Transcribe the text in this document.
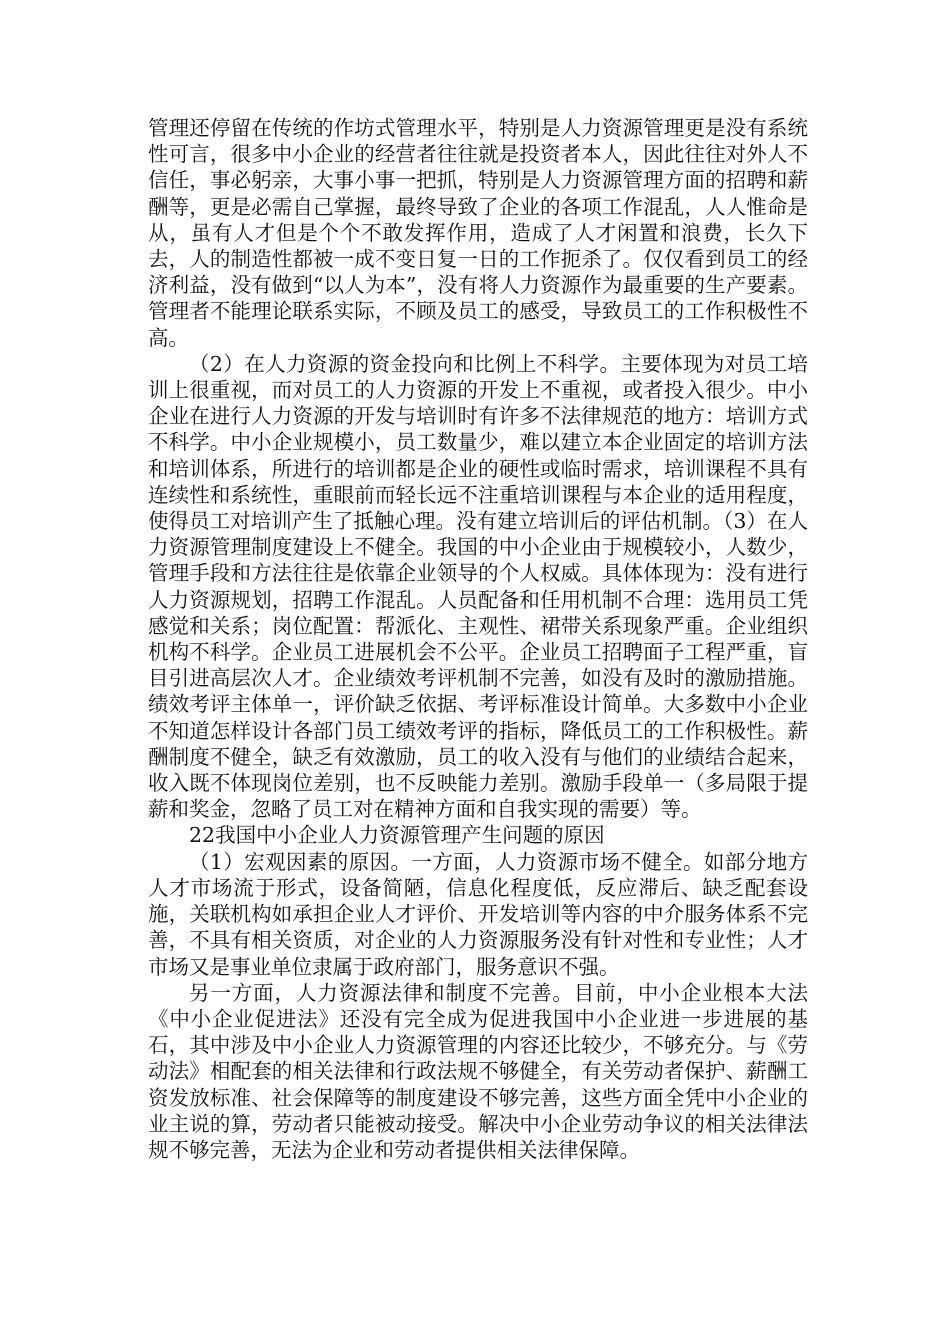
管理还停留在传统的作坊式管理水平，特别是人力资源管理更是没有系统性可言，很多中小企业的经营者往往就是投资者本人，因此往往对外人不信任，事必躬亲，大事小事一把抓，特别是人力资源管理方面的招聘和薪酬等，更是必需自己掌握，最终导致了企业的各项工作混乱，人人惟命是从，虽有人才但是个个不敢发挥作用，造成了人才闲置和浪费，长久下去，人的制造性都被一成不变日复一日的工作扼杀了。仅仅看到员工的经济利益，没有做到“以人为本”，没有将人力资源作为最重要的生产要素。管理者不能理论联系实际，不顾及员工的感受，导致员工的工作积极性不高。

（2）在人力资源的资金投向和比例上不科学。主要体现为对员工培训上很重视，而对员工的人力资源的开发上不重视，或者投入很少。中小企业在进行人力资源的开发与培训时有许多不法律规范的地方：培训方式不科学。中小企业规模小，员工数量少，难以建立本企业固定的培训方法和培训体系，所进行的培训都是企业的硬性或临时需求，培训课程不具有连续性和系统性，重眼前而轻长远不注重培训课程与本企业的适用程度，使得员工对培训产生了抵触心理。没有建立培训后的评估机制。（3）在人力资源管理制度建设上不健全。我国的中小企业由于规模较小，人数少，管理手段和方法往往是依靠企业领导的个人权威。具体体现为：没有进行人力资源规划，招聘工作混乱。人员配备和任用机制不合理：选用员工凭感觉和关系；岗位配置：帮派化、主观性、裙带关系现象严重。企业组织机构不科学。企业员工进展机会不公平。企业员工招聘面子工程严重，盲目引进高层次人才。企业绩效考评机制不完善，如没有及时的激励措施。绩效考评主体单一，评价缺乏依据、考评标准设计简单。大多数中小企业不知道怎样设计各部门员工绩效考评的指标，降低员工的工作积极性。薪酬制度不健全，缺乏有效激励，员工的收入没有与他们的业绩结合起来，收入既不体现岗位差别，也不反映能力差别。激励手段单一（多局限于提薪和奖金，忽略了员工对在精神方面和自我实现的需要）等。

22我国中小企业人力资源管理产生问题的原因

（1）宏观因素的原因。一方面，人力资源市场不健全。如部分地方人才市场流于形式，设备简陋，信息化程度低，反应滞后、缺乏配套设施，关联机构如承担企业人才评价、开发培训等内容的中介服务体系不完善，不具有相关资质，对企业的人力资源服务没有针对性和专业性；人才市场又是事业单位隶属于政府部门，服务意识不强。

另一方面，人力资源法律和制度不完善。目前，中小企业根本大法《中小企业促进法》还没有完全成为促进我国中小企业进一步进展的基石，其中涉及中小企业人力资源管理的内容还比较少，不够充分。与《劳动法》相配套的相关法律和行政法规不够健全，有关劳动者保护、薪酬工资发放标准、社会保障等的制度建设不够完善，这些方面全凭中小企业的业主说的算，劳动者只能被动接受。解决中小企业劳动争议的相关法律法规不够完善，无法为企业和劳动者提供相关法律保障。
